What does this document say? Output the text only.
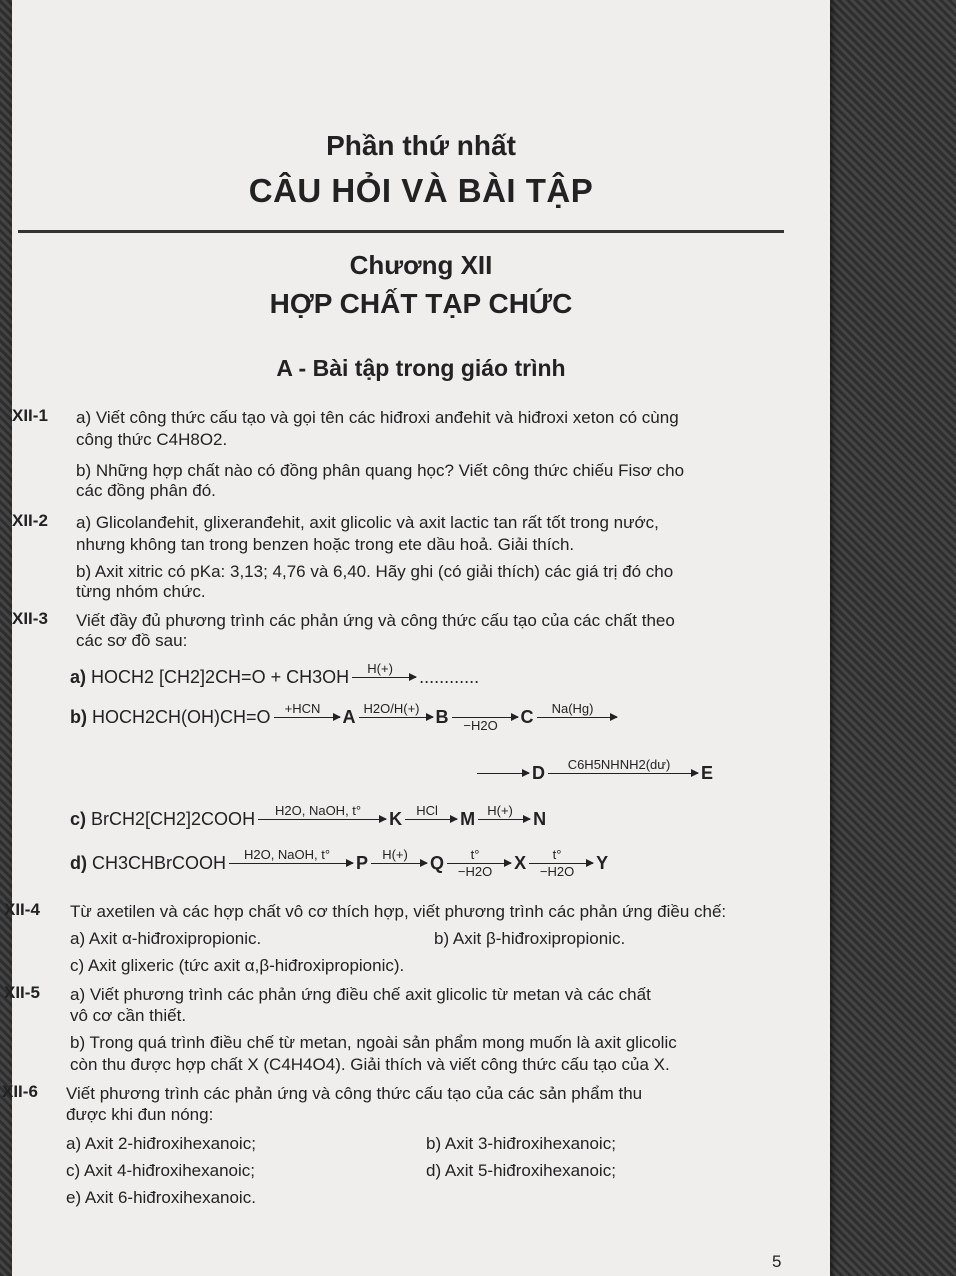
Phần thứ nhất
CÂU HỎI VÀ BÀI TẬP
Chương XII
HỢP CHẤT TẠP CHỨC
A - Bài tập trong giáo trình
XII-1 a) Viết công thức cấu tạo và gọi tên các hiđroxi anđehit và hiđroxi xeton có cùng
công thức C4H8O2.
b) Những hợp chất nào có đồng phân quang học? Viết công thức chiếu Fisơ cho
các đồng phân đó.
XII-2 a) Glicolanđehit, glixeranđehit, axit glicolic và axit lactic tan rất tốt trong nước,
nhưng không tan trong benzen hoặc trong ete dầu hoả. Giải thích.
b) Axit xitric có pKa: 3,13; 4,76 và 6,40. Hãy ghi (có giải thích) các giá trị đó cho
từng nhóm chức.
XII-3 Viết đầy đủ phương trình các phản ứng và công thức cấu tạo của các chất theo
các sơ đồ sau:
a)
HOCH2 [CH2]2CH=O + CH3OH	H(+)
	............
b)
HOCH2CH(OH)CH=O	+HCN
	A H2O/H(+)
B
	−H2O	C	Na(Hg)

→ D	C6H5NHNH2(dư)
	E
c)
BrCH2[CH2]2COOH	H2O, NaOH, t°
	K	HCl
	M H(+)
	N
d)
CH3CHBrCOOH	H2O, NaOH, t°
	P	H(+)
	Q	t°
−H2O	X	t°
−H2O	Y
XII-4 Từ axetilen và các hợp chất vô cơ thích hợp, viết phương trình các phản ứng điều chế:
a) Axit α-hiđroxipropionic.	b) Axit β-hiđroxipropionic.
c) Axit glixeric (tức axit α,β-hiđroxipropionic).
XII-5 a) Viết phương trình các phản ứng điều chế axit glicolic từ metan và các chất
vô cơ cần thiết.
b) Trong quá trình điều chế từ metan, ngoài sản phẩm mong muốn là axit glicolic
còn thu được hợp chất X (C4H4O4). Giải thích và viết công thức cấu tạo của X.
XII-6 Viết phương trình các phản ứng và công thức cấu tạo của các sản phẩm thu
được khi đun nóng:
a) Axit 2-hiđroxihexanoic;	b) Axit 3-hiđroxihexanoic;
c) Axit 4-hiđroxihexanoic;	d) Axit 5-hiđroxihexanoic;
e) Axit 6-hiđroxihexanoic.
5
